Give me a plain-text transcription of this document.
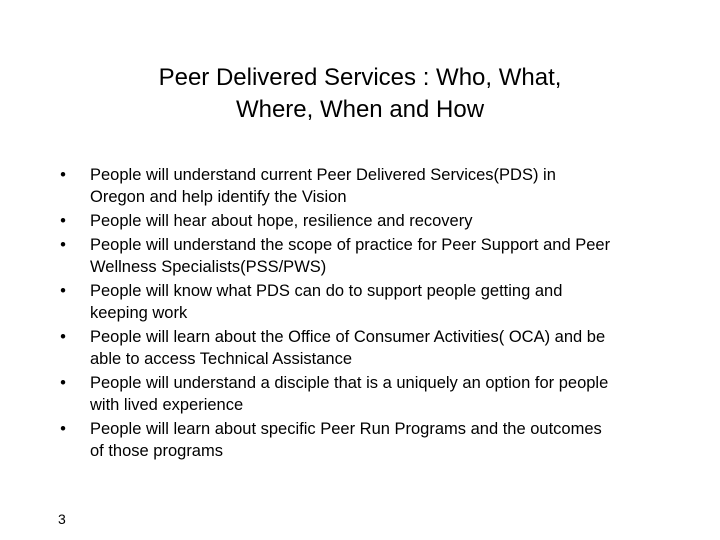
Peer Delivered Services : Who, What,
Where, When and How
• People will understand current Peer Delivered Services(PDS) in
Oregon and help identify the Vision
• People will hear about hope, resilience and recovery
• People will understand the scope of practice for Peer Support and Peer
Wellness Specialists(PSS/PWS)
• People will know what PDS can do to support people getting and
keeping work
• People will learn about the Office of Consumer Activities( OCA) and be
able to access Technical Assistance
• People will understand a disciple that is a uniquely an option for people
with lived experience
• People will learn about specific Peer Run Programs and the outcomes
of those programs
3
